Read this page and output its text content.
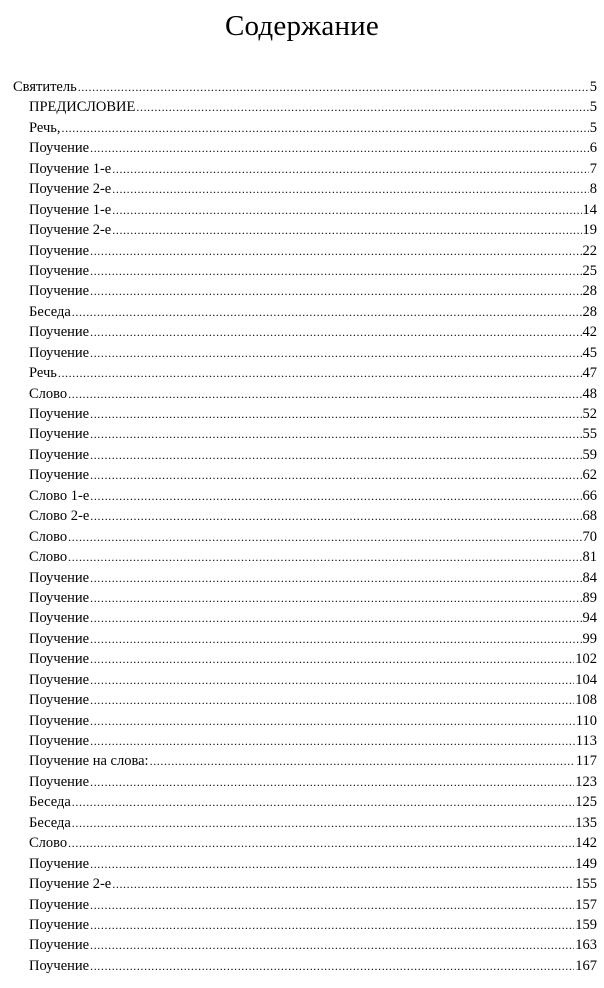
Содержание
Святитель .....	5
ПРЕДИСЛОВИЕ .....	5
Речь, .....	5
Поучение .....	6
Поучение 1-е .....	7
Поучение 2-е .....	8
Поучение 1-е .....	14
Поучение 2-е .....	19
Поучение .....	22
Поучение .....	25
Поучение .....	28
Беседа .....	28
Поучение .....	42
Поучение .....	45
Речь .....	47
Слово .....	48
Поучение .....	52
Поучение .....	55
Поучение .....	59
Поучение .....	62
Слово 1-е .....	66
Слово 2-е .....	68
Слово .....	70
Слово .....	81
Поучение .....	84
Поучение .....	89
Поучение .....	94
Поучение .....	99
Поучение .....	102
Поучение .....	104
Поучение .....	108
Поучение .....	110
Поучение .....	113
Поучение на слова: .....	117
Поучение .....	123
Беседа .....	125
Беседа .....	135
Слово .....	142
Поучение .....	149
Поучение 2-е .....	155
Поучение .....	157
Поучение .....	159
Поучение .....	163
Поучение .....	167
